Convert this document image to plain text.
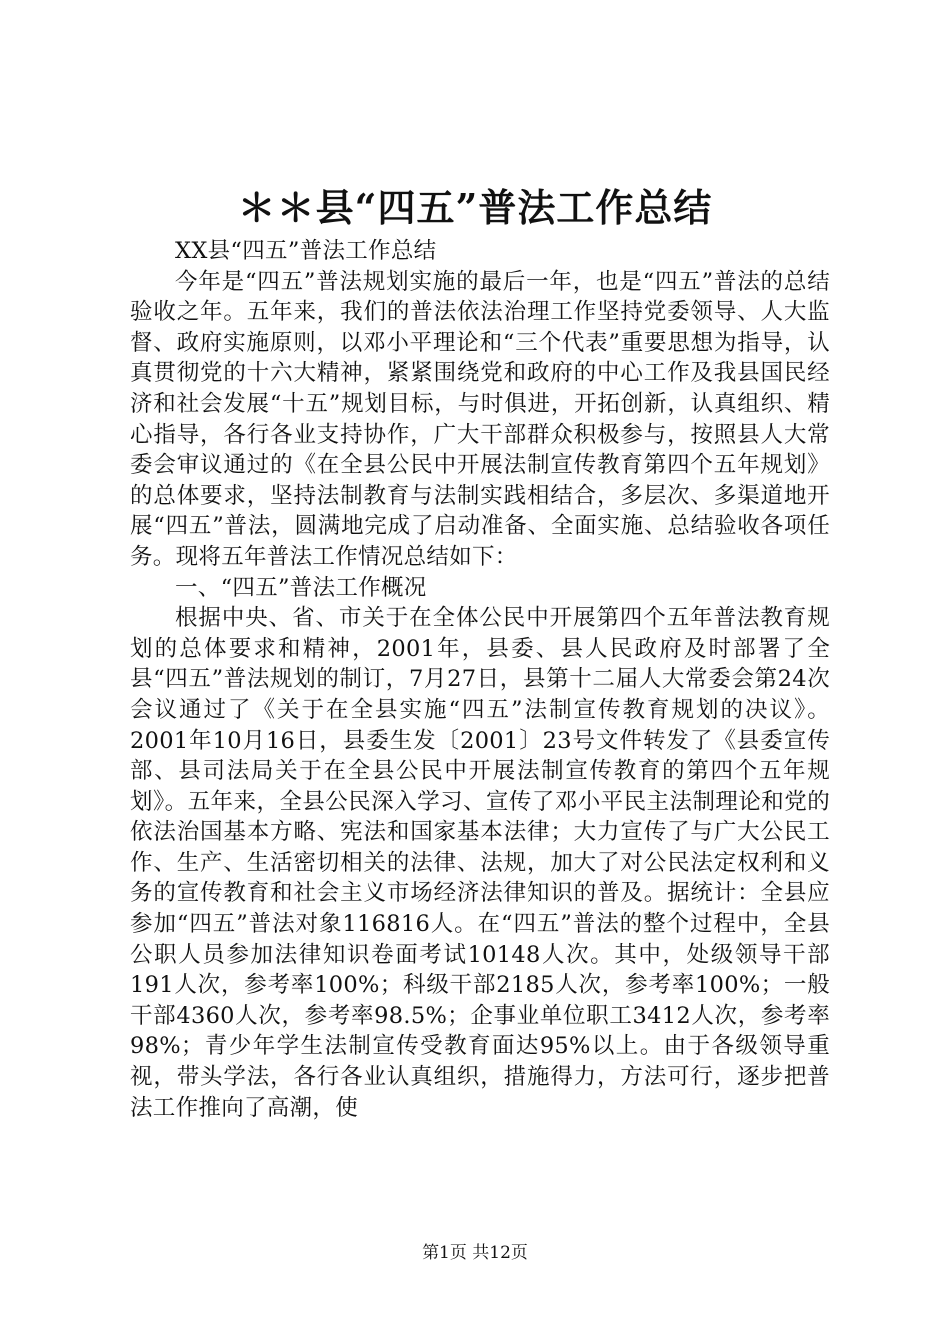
＊＊县“四五”普法工作总结

XX县“四五”普法工作总结

今年是“四五”普法规划实施的最后一年，也是“四五”普法的总结验收之年。五年来，我们的普法依法治理工作坚持党委领导、人大监督、政府实施原则，以邓小平理论和“三个代表”重要思想为指导，认真贯彻党的十六大精神，紧紧围绕党和政府的中心工作及我县国民经济和社会发展“十五”规划目标，与时俱进，开拓创新，认真组织、精心指导，各行各业支持协作，广大干部群众积极参与，按照县人大常委会审议通过的《在全县公民中开展法制宣传教育第四个五年规划》的总体要求，坚持法制教育与法制实践相结合，多层次、多渠道地开展“四五”普法，圆满地完成了启动准备、全面实施、总结验收各项任务。现将五年普法工作情况总结如下：

一、“四五”普法工作概况

根据中央、省、市关于在全体公民中开展第四个五年普法教育规划的总体要求和精神，2001年，县委、县人民政府及时部署了全县“四五”普法规划的制订，7月27日，县第十二届人大常委会第24次会议通过了《关于在全县实施“四五”法制宣传教育规划的决议》。2001年10月16日，县委生发〔2001〕23号文件转发了《县委宣传部、县司法局关于在全县公民中开展法制宣传教育的第四个五年规划》。五年来，全县公民深入学习、宣传了邓小平民主法制理论和党的依法治国基本方略、宪法和国家基本法律；大力宣传了与广大公民工作、生产、生活密切相关的法律、法规，加大了对公民法定权利和义务的宣传教育和社会主义市场经济法律知识的普及。据统计：全县应参加“四五”普法对象116816人。在“四五”普法的整个过程中，全县公职人员参加法律知识卷面考试10148人次。其中，处级领导干部191人次，参考率100%；科级干部2185人次，参考率100%；一般干部4360人次，参考率98.5%；企事业单位职工3412人次，参考率98%；青少年学生法制宣传受教育面达95%以上。由于各级领导重视，带头学法，各行各业认真组织，措施得力，方法可行，逐步把普法工作推向了高潮，使

第1页 共12页
